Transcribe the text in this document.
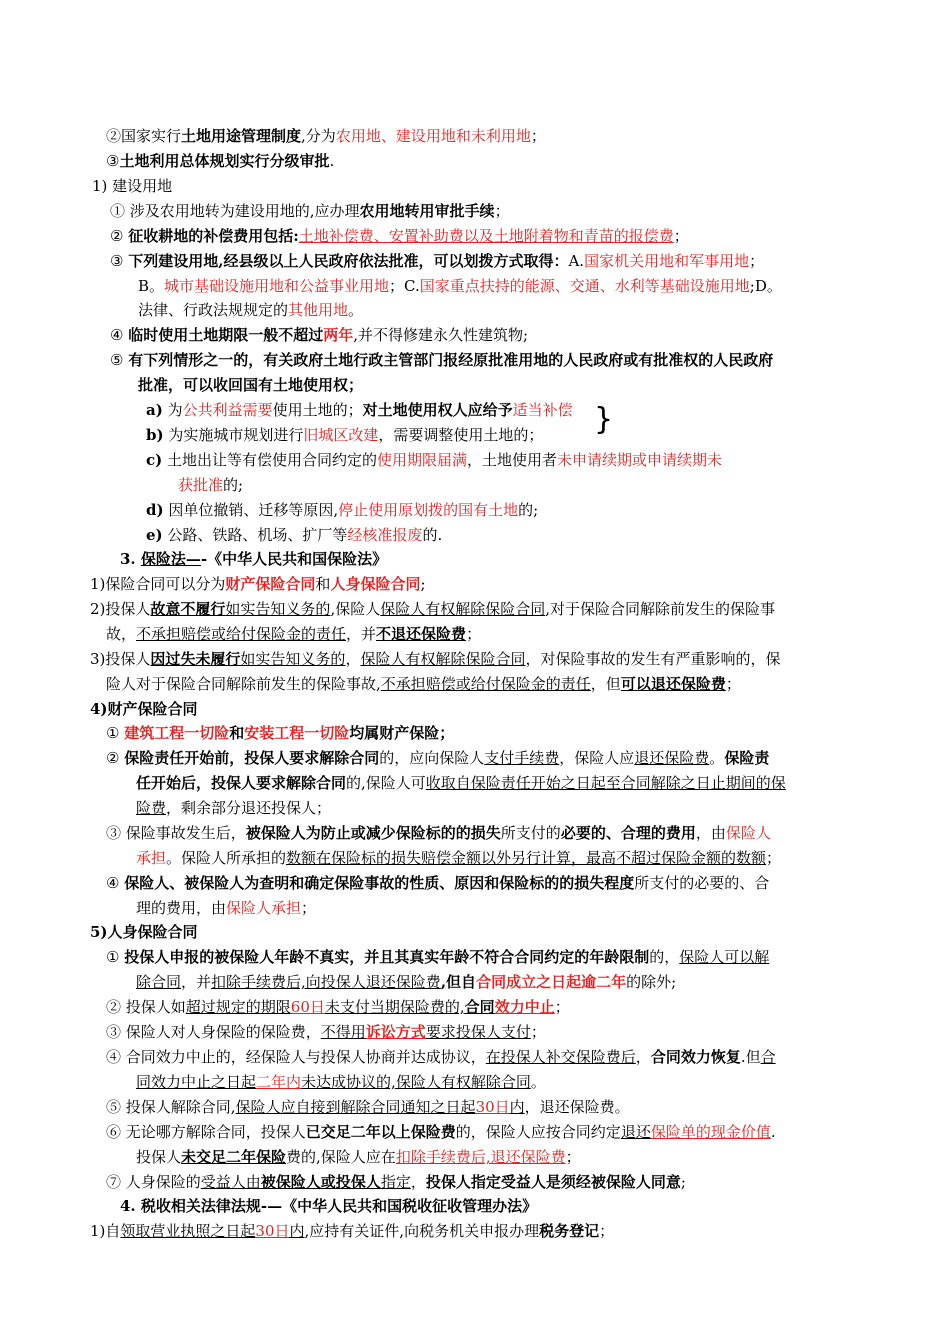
}
②国家实行土地用途管理制度,分为农用地、建设用地和未利用地；
③土地利用总体规划实行分级审批.
1) 建设用地
① 涉及农用地转为建设用地的,应办理农用地转用审批手续；
② 征收耕地的补偿费用包括:土地补偿费、安置补助费以及土地附着物和青苗的报偿费；
③ 下列建设用地,经县级以上人民政府依法批准，可以划拨方式取得：A.国家机关用地和军事用地；
B。城市基础设施用地和公益事业用地；C.国家重点扶持的能源、交通、水利等基础设施用地;D。
法律、行政法规规定的其他用地。
④ 临时使用土地期限一般不超过两年,并不得修建永久性建筑物;
⑤ 有下列情形之一的，有关政府土地行政主管部门报经原批准用地的人民政府或有批准权的人民政府
批准，可以收回国有土地使用权；
a) 为公共利益需要使用土地的；对土地使用权人应给予适当补偿
b) 为实施城市规划进行旧城区改建，需要调整使用土地的；
c) 土地出让等有偿使用合同约定的使用期限届满，土地使用者未申请续期或申请续期未
获批准的;
d) 因单位撤销、迁移等原因,停止使用原划拨的国有土地的;
e) 公路、铁路、机场、扩厂等经核准报废的.
3. 保险法—-《中华人民共和国保险法》
1)保险合同可以分为财产保险合同和人身保险合同;
2)投保人故意不履行如实告知义务的,保险人保险人有权解除保险合同,对于保险合同解除前发生的保险事
故，不承担赔偿或给付保险金的责任，并不退还保险费；
3)投保人因过失未履行如实告知义务的，保险人有权解除保险合同，对保险事故的发生有严重影响的，保
险人对于保险合同解除前发生的保险事故,不承担赔偿或给付保险金的责任，但可以退还保险费；
4)财产保险合同
① 建筑工程一切险和安装工程一切险均属财产保险；
② 保险责任开始前，投保人要求解除合同的，应向保险人支付手续费，保险人应退还保险费。保险责
任开始后，投保人要求解除合同的,保险人可收取自保险责任开始之日起至合同解除之日止期间的保
险费，剩余部分退还投保人；
③ 保险事故发生后，被保险人为防止或减少保险标的的损失所支付的必要的、合理的费用，由保险人
承担。保险人所承担的数额在保险标的损失赔偿金额以外另行计算，最高不超过保险金额的数额；
④ 保险人、被保险人为查明和确定保险事故的性质、原因和保险标的的损失程度所支付的必要的、合
理的费用，由保险人承担；
5)人身保险合同
① 投保人申报的被保险人年龄不真实，并且其真实年龄不符合合同约定的年龄限制的，保险人可以解
除合同，并扣除手续费后,向投保人退还保险费,但自合同成立之日起逾二年的除外;
② 投保人如超过规定的期限60日未支付当期保险费的,合同效力中止；
③ 保险人对人身保险的保险费，不得用诉讼方式要求投保人支付；
④ 合同效力中止的，经保险人与投保人协商并达成协议，在投保人补交保险费后，合同效力恢复.但合
同效力中止之日起二年内未达成协议的,保险人有权解除合同。
⑤ 投保人解除合同,保险人应自接到解除合同通知之日起30日内，退还保险费。
⑥ 无论哪方解除合同，投保人已交足二年以上保险费的，保险人应按合同约定退还保险单的现金价值.
投保人未交足二年保险费的,保险人应在扣除手续费后,退还保险费；
⑦ 人身保险的受益人由被保险人或投保人指定，投保人指定受益人是须经被保险人同意;
4. 税收相关法律法规-—《中华人民共和国税收征收管理办法》
1)自领取营业执照之日起30日内,应持有关证件,向税务机关申报办理税务登记；
